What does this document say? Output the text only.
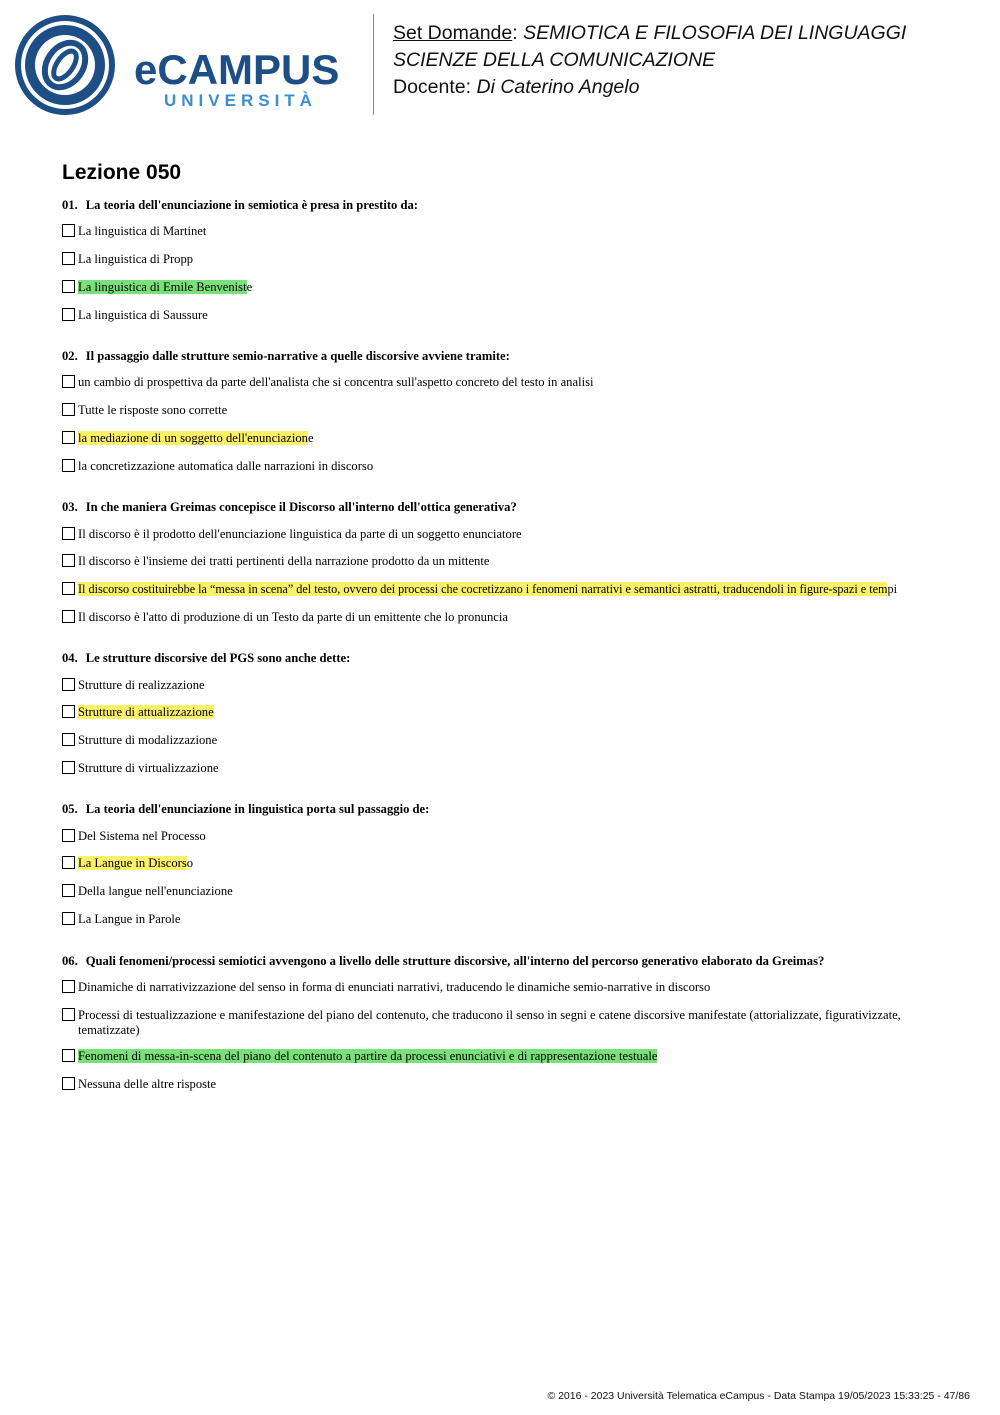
eCAMPUS
UNIVERSITÀ
Set Domande: SEMIOTICA E FILOSOFIA DEI LINGUAGGI
SCIENZE DELLA COMUNICAZIONE
Docente: Di Caterino Angelo
Lezione 050
01. La teoria dell'enunciazione in semiotica è presa in prestito da:
La linguistica di Martinet
La linguistica di Propp
La linguistica di Emile Benveniste
La linguistica di Saussure
02. Il passaggio dalle strutture semio-narrative a quelle discorsive avviene tramite:
un cambio di prospettiva da parte dell'analista che si concentra sull'aspetto concreto del testo in analisi
Tutte le risposte sono corrette
la mediazione di un soggetto dell'enunciazione
la concretizzazione automatica dalle narrazioni in discorso
03. In che maniera Greimas concepisce il Discorso all'interno dell'ottica generativa?
Il discorso è il prodotto dell'enunciazione linguistica da parte di un soggetto enunciatore
Il discorso è l'insieme dei tratti pertinenti della narrazione prodotto da un mittente
Il discorso costituirebbe la “messa in scena” del testo, ovvero dei processi che cocretizzano i fenomeni narrativi e semantici astratti, traducendoli in figure-spazi e tempi
Il discorso è l'atto di produzione di un Testo da parte di un emittente che lo pronuncia
04. Le strutture discorsive del PGS sono anche dette:
Strutture di realizzazione
Strutture di attualizzazione
Strutture di modalizzazione
Strutture di virtualizzazione
05. La teoria dell'enunciazione in linguistica porta sul passaggio de:
Del Sistema nel Processo
La Langue in Discorso
Della langue nell'enunciazione
La Langue in Parole
06. Quali fenomeni/processi semiotici avvengono a livello delle strutture discorsive, all'interno del percorso generativo elaborato da Greimas?
Dinamiche di narrativizzazione del senso in forma di enunciati narrativi, traducendo le dinamiche semio-narrative in discorso
Processi di testualizzazione e manifestazione del piano del contenuto, che traducono il senso in segni e catene discorsive manifestate (attorializzate, figurativizzate, tematizzate)
Fenomeni di messa-in-scena del piano del contenuto a partire da processi enunciativi e di rappresentazione testuale
Nessuna delle altre risposte
© 2016 - 2023 Università Telematica eCampus - Data Stampa 19/05/2023 15:33:25 - 47/86
